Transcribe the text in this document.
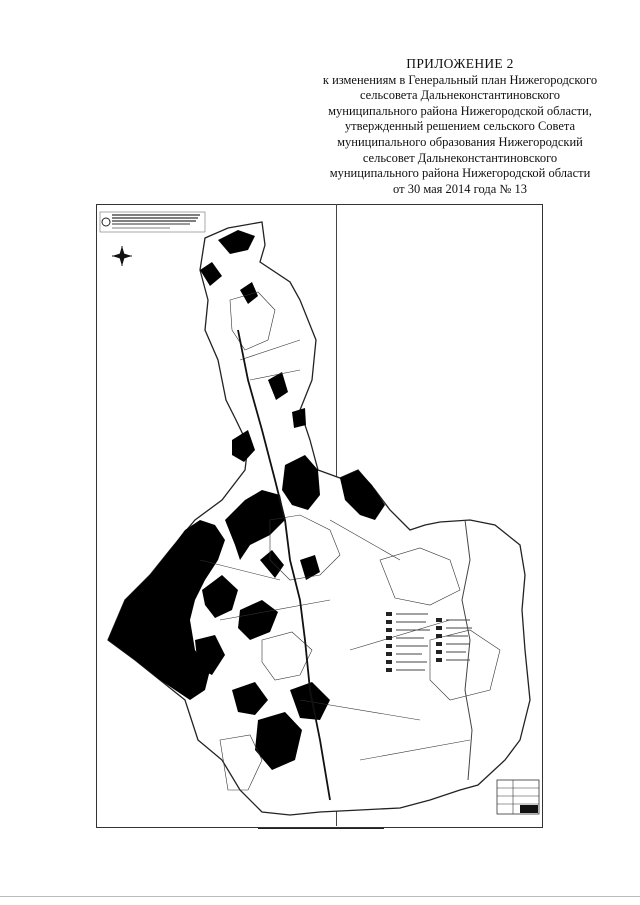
ПРИЛОЖЕНИЕ 2
к изменениям в Генеральный план Нижегородского
сельсовета Дальнеконстантиновского
муниципального района Нижегородской области,
утвержденный решением сельского Совета
муниципального образования Нижегородский
сельсовет Дальнеконстантиновского
муниципального района Нижегородской области
от 30 мая 2014 года № 13
